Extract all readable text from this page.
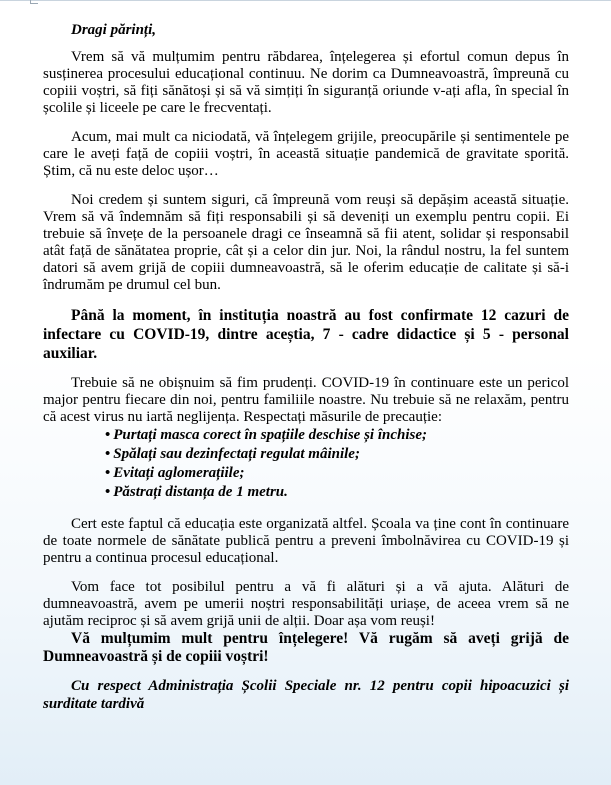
Dragi părinți,

Vrem să vă mulțumim pentru răbdarea, înțelegerea și efortul comun depus în susținerea procesului educațional continuu. Ne dorim ca Dumneavoastră, împreună cu copiii voștri, să fiți sănătoși și să vă simțiți în siguranță oriunde v-ați afla, în special în școlile și liceele pe care le frecventați.

Acum, mai mult ca niciodată, vă înțelegem grijile, preocupările și sentimentele pe care le aveți față de copiii voștri, în această situație pandemică de gravitate sporită. Știm, că nu este deloc ușor…

Noi credem și suntem siguri, că împreună vom reuși să depășim această situație. Vrem să vă îndemnăm să fiți responsabili și să deveniți un exemplu pentru copii. Ei trebuie să învețe de la persoanele dragi ce înseamnă să fii atent, solidar și responsabil atât față de sănătatea proprie, cât și a celor din jur. Noi, la rândul nostru, la fel suntem datori să avem grijă de copiii dumneavoastră, să le oferim educație de calitate și să-i îndrumăm pe drumul cel bun.

Până la moment, în instituția noastră au fost confirmate 12 cazuri de infectare cu COVID-19, dintre aceștia, 7 - cadre didactice și 5 - personal auxiliar.

Trebuie să ne obișnuim să fim prudenți. COVID-19 în continuare este un pericol major pentru fiecare din noi, pentru familiile noastre. Nu trebuie să ne relaxăm, pentru că acest virus nu iartă neglijența. Respectați măsurile de precauție:

• Purtați masca corect în spațiile deschise și închise;
• Spălați sau dezinfectați regulat mâinile;
• Evitați aglomerațiile;
• Păstrați distanța de 1 metru.

Cert este faptul că educația este organizată altfel. Școala va ține cont în continuare de toate normele de sănătate publică pentru a preveni îmbolnăvirea cu COVID-19 și pentru a continua procesul educațional.

Vom face tot posibilul pentru a vă fi alături și a vă ajuta. Alături de dumneavoastră, avem pe umerii noștri responsabilități uriașe, de aceea vrem să ne ajutăm reciproc și să avem grijă unii de alții. Doar așa vom reuși!

Vă mulțumim mult pentru înțelegere! Vă rugăm să aveți grijă de Dumneavoastră și de copiii voștri!

Cu respect Administrația Școlii Speciale nr. 12 pentru copii hipoacuzici și surditate tardivă
